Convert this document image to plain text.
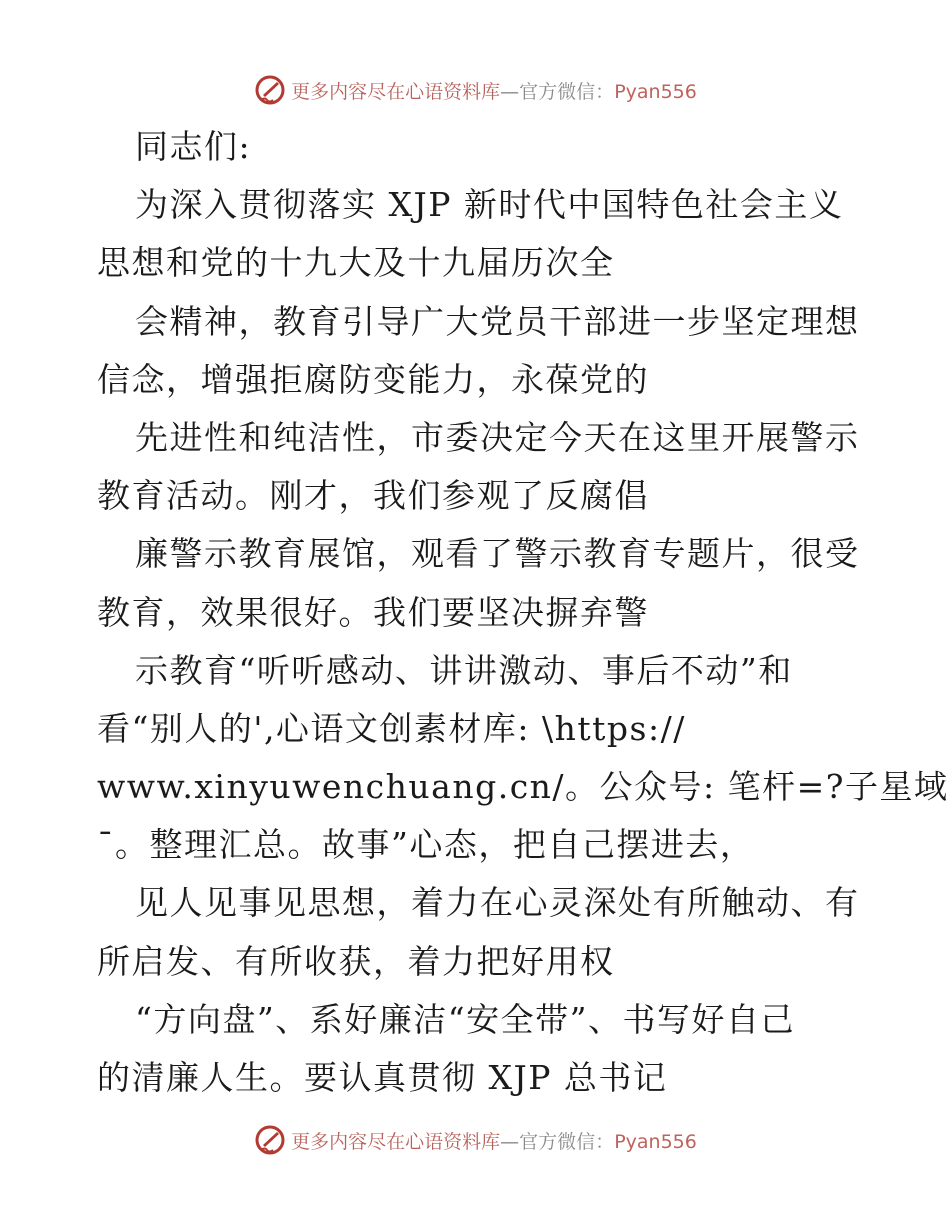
更多内容尽在心语资料库—官方微信：Pyan556
同志们:
为深入贯彻落实 XJP 新时代中国特色社会主义
思想和党的十九大及十九届历次全
会精神，教育引导广大党员干部进一步坚定理想
信念，增强拒腐防变能力，永葆党的
先进性和纯洁性，市委决定今天在这里开展警示
教育活动。刚才，我们参观了反腐倡
廉警示教育展馆，观看了警示教育专题片，很受
教育，效果很好。我们要坚决摒弃警
示教育“听听感动、讲讲激动、事后不动”和
看“别人的',心语文创素材库: \https://
www.xinyuwenchuang.cn/。公众号: 笔杆=?子星域
¯。整理汇总。故事”心态，把自己摆进去，
见人见事见思想，着力在心灵深处有所触动、有
所启发、有所收获，着力把好用权
“方向盘”、系好廉洁“安全带”、书写好自己
的清廉人生。要认真贯彻 XJP 总书记
更多内容尽在心语资料库—官方微信：Pyan556
